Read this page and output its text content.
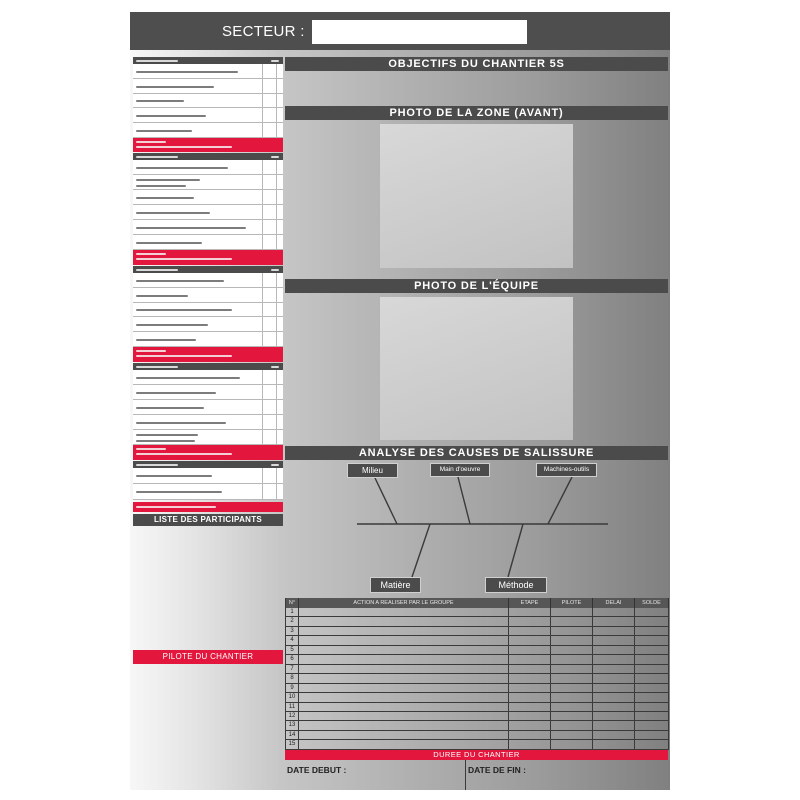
SECTEUR :
LISTE DES PARTICIPANTS
PILOTE DU CHANTIER
OBJECTIFS DU CHANTIER 5S
PHOTO DE LA ZONE (AVANT)
PHOTO DE L'ÉQUIPE
ANALYSE DES CAUSES DE SALISSURE
Milieu	Main d'oeuvre	Machines-outils
Matière	Méthode
N°	ACTION A REALISER PAR LE GROUPE	ETAPE	PILOTE	DELAI	SOLDE
1
2
3
4
5
6
7
8
9
10
11
12
13
14
15
DUREE DU CHANTIER
DATE DEBUT :	DATE DE FIN :
